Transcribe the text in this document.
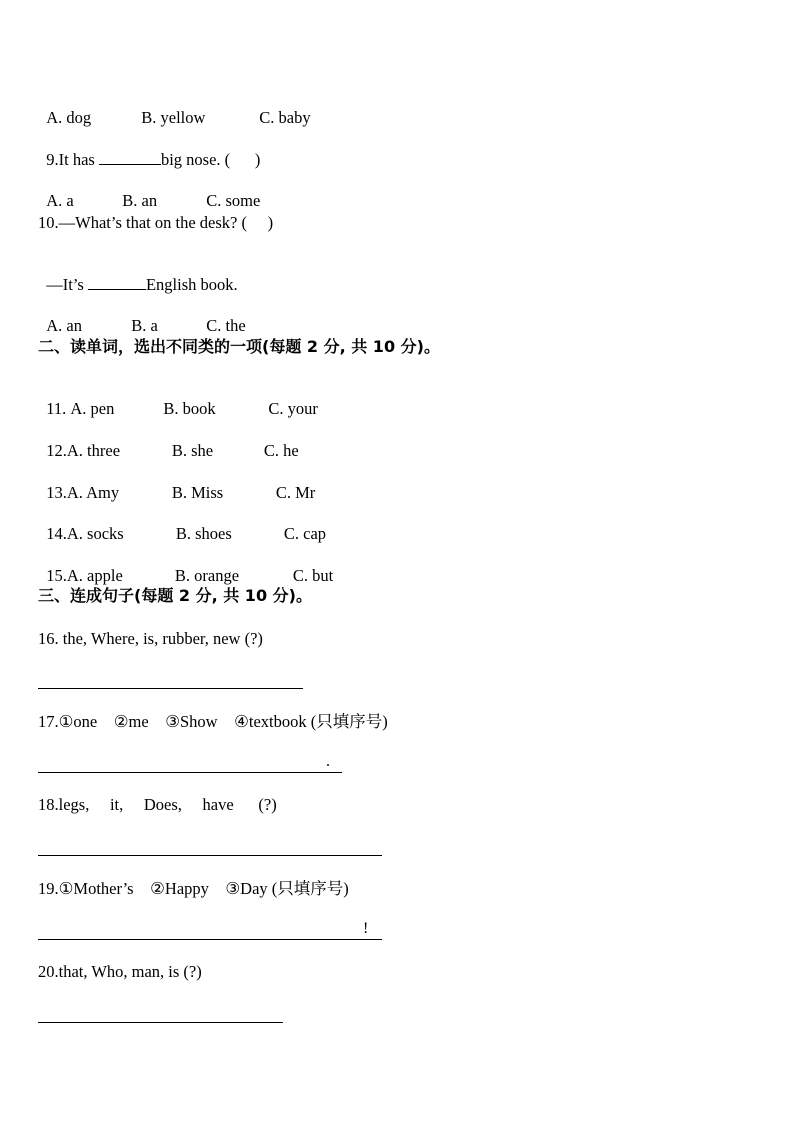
A. dog	B. yellow	C. baby

9.It has	big nose. (      )

A. a	B. an	C. some

10.—What’s that on the desk? (     )

—It’s	English book.

A. an	B. a	C. the

二、读单词，选出不同类的一项(每题 2 分, 共 10 分)。

11. A. pen	B. book	C. your

12.A. three	B. she	C. he

13.A. Amy	B. Miss	C. Mr

14.A. socks	B. shoes	C. cap

15.A. apple	B. orange	C. but

三、连成句子(每题 2 分, 共 10 分)。
16. the, Where, is, rubber, new (?)
17.①one    ②me    ③Show    ④textbook (只填序号)
.
18.legs,     it,     Does,     have      (?)
19.①Mother’s    ②Happy    ③Day (只填序号)
!
20.that, Who, man, is (?)
